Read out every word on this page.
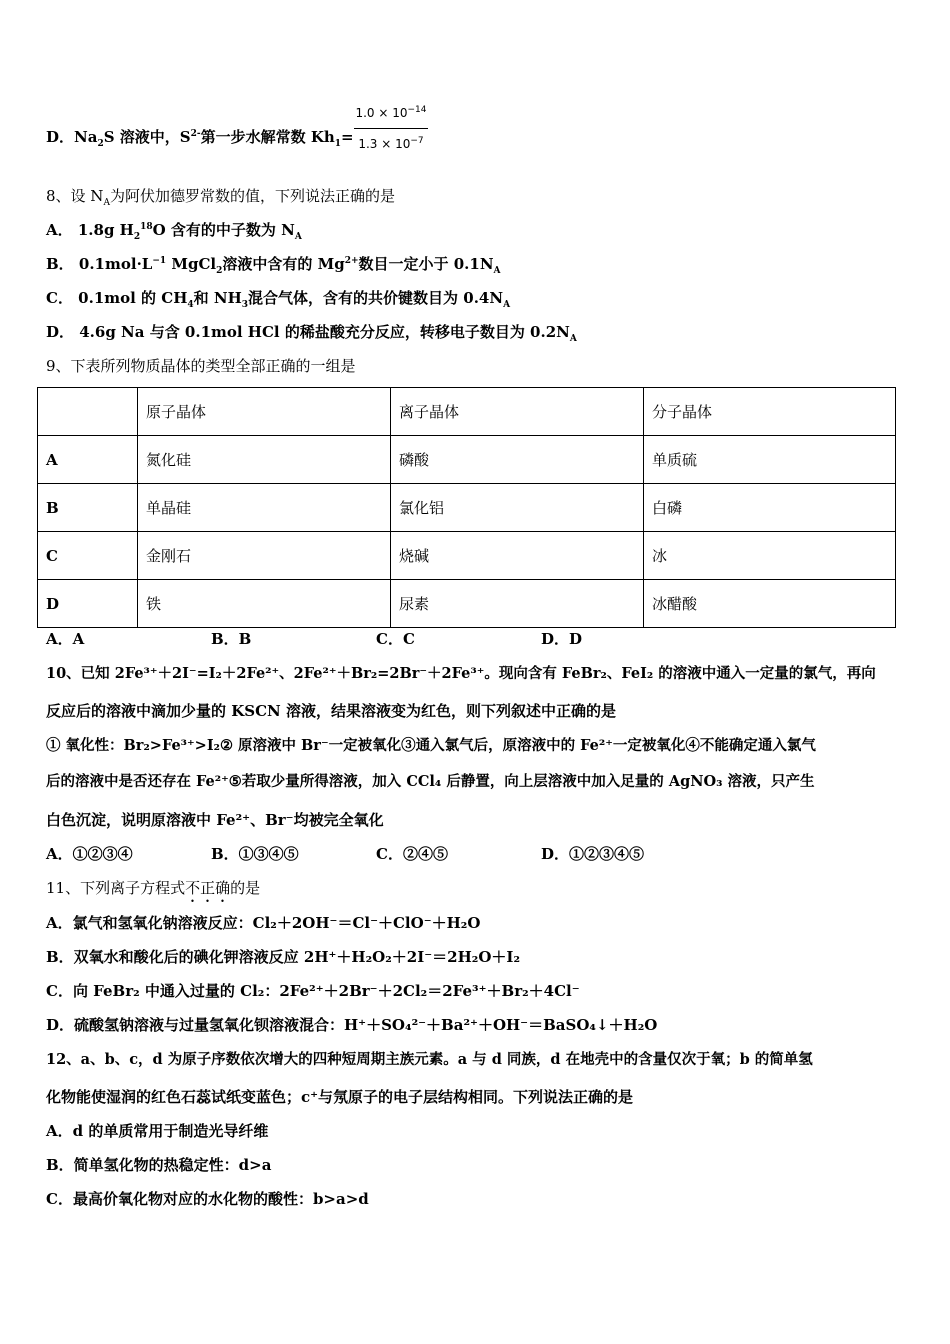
D．$Na_2S$ 溶液中，$S^{2-}$第一步水解常数 $Kh_1=$
$1.0 \times 10^{-14}$
$1.3 \times 10^{-7}$
8、设 $N_A$为阿伏加德罗常数的值，下列说法正确的是
A． 1.8g $H_2^{18}O$ 含有的中子数为 $N_A$
B． $0.1mol\cdot L^{-1}$ MgCl$_2$溶液中含有的 $Mg^{2+}$数目一定小于 $0.1N_A$
C． 0.1mol 的 $CH_4$和 $NH_3$混合气体，含有的共价键数目为 $0.4N_A$
D． 4.6g Na 与含 0.1mol HCl 的稀盐酸充分反应，转移电子数目为 $0.2N_A$
9、下表所列物质晶体的类型全部正确的一组是
	原子晶体	离子晶体	分子晶体
A	氮化硅	磷酸	单质硫
B	单晶硅	氯化铝	白磷
C	金刚石	烧碱	冰
D	铁	尿素	冰醋酸
A．A	B．B	C．C	D．D
10、已知 2Fe³⁺＋2I⁻=I₂＋2Fe²⁺、2Fe²⁺＋Br₂=2Br⁻＋2Fe³⁺。现向含有 FeBr₂、FeI₂ 的溶液中通入一定量的氯气，再向
反应后的溶液中滴加少量的 KSCN 溶液，结果溶液变为红色，则下列叙述中正确的是
① 氧化性：Br₂>Fe³⁺>I₂② 原溶液中 Br⁻一定被氧化③通入氯气后，原溶液中的 Fe²⁺一定被氧化④不能确定通入氯气
后的溶液中是否还存在 Fe²⁺⑤若取少量所得溶液，加入 CCl₄ 后静置，向上层溶液中加入足量的 AgNO₃ 溶液，只产生
白色沉淀，说明原溶液中 Fe²⁺、Br⁻均被完全氧化
A．①②③④	B．①③④⑤	C．②④⑤	D．①②③④⑤
11、下列离子方程式不正确的是
A．氯气和氢氧化钠溶液反应：Cl₂＋2OH⁻＝Cl⁻＋ClO⁻＋H₂O
B．双氧水和酸化后的碘化钾溶液反应 2H⁺＋H₂O₂＋2I⁻＝2H₂O＋I₂
C．向 FeBr₂ 中通入过量的 Cl₂：2Fe²⁺＋2Br⁻＋2Cl₂＝2Fe³⁺＋Br₂＋4Cl⁻
D．硫酸氢钠溶液与过量氢氧化钡溶液混合：H⁺＋SO₄²⁻＋Ba²⁺＋OH⁻＝BaSO₄↓＋H₂O
12、a、b、c，d 为原子序数依次增大的四种短周期主族元素。a 与 d 同族，d 在地壳中的含量仅次于氧；b 的简单氢
化物能使湿润的红色石蕊试纸变蓝色；c⁺与氖原子的电子层结构相同。下列说法正确的是
A．d 的单质常用于制造光导纤维
B．简单氢化物的热稳定性：d>a
C．最高价氧化物对应的水化物的酸性：b>a>d
